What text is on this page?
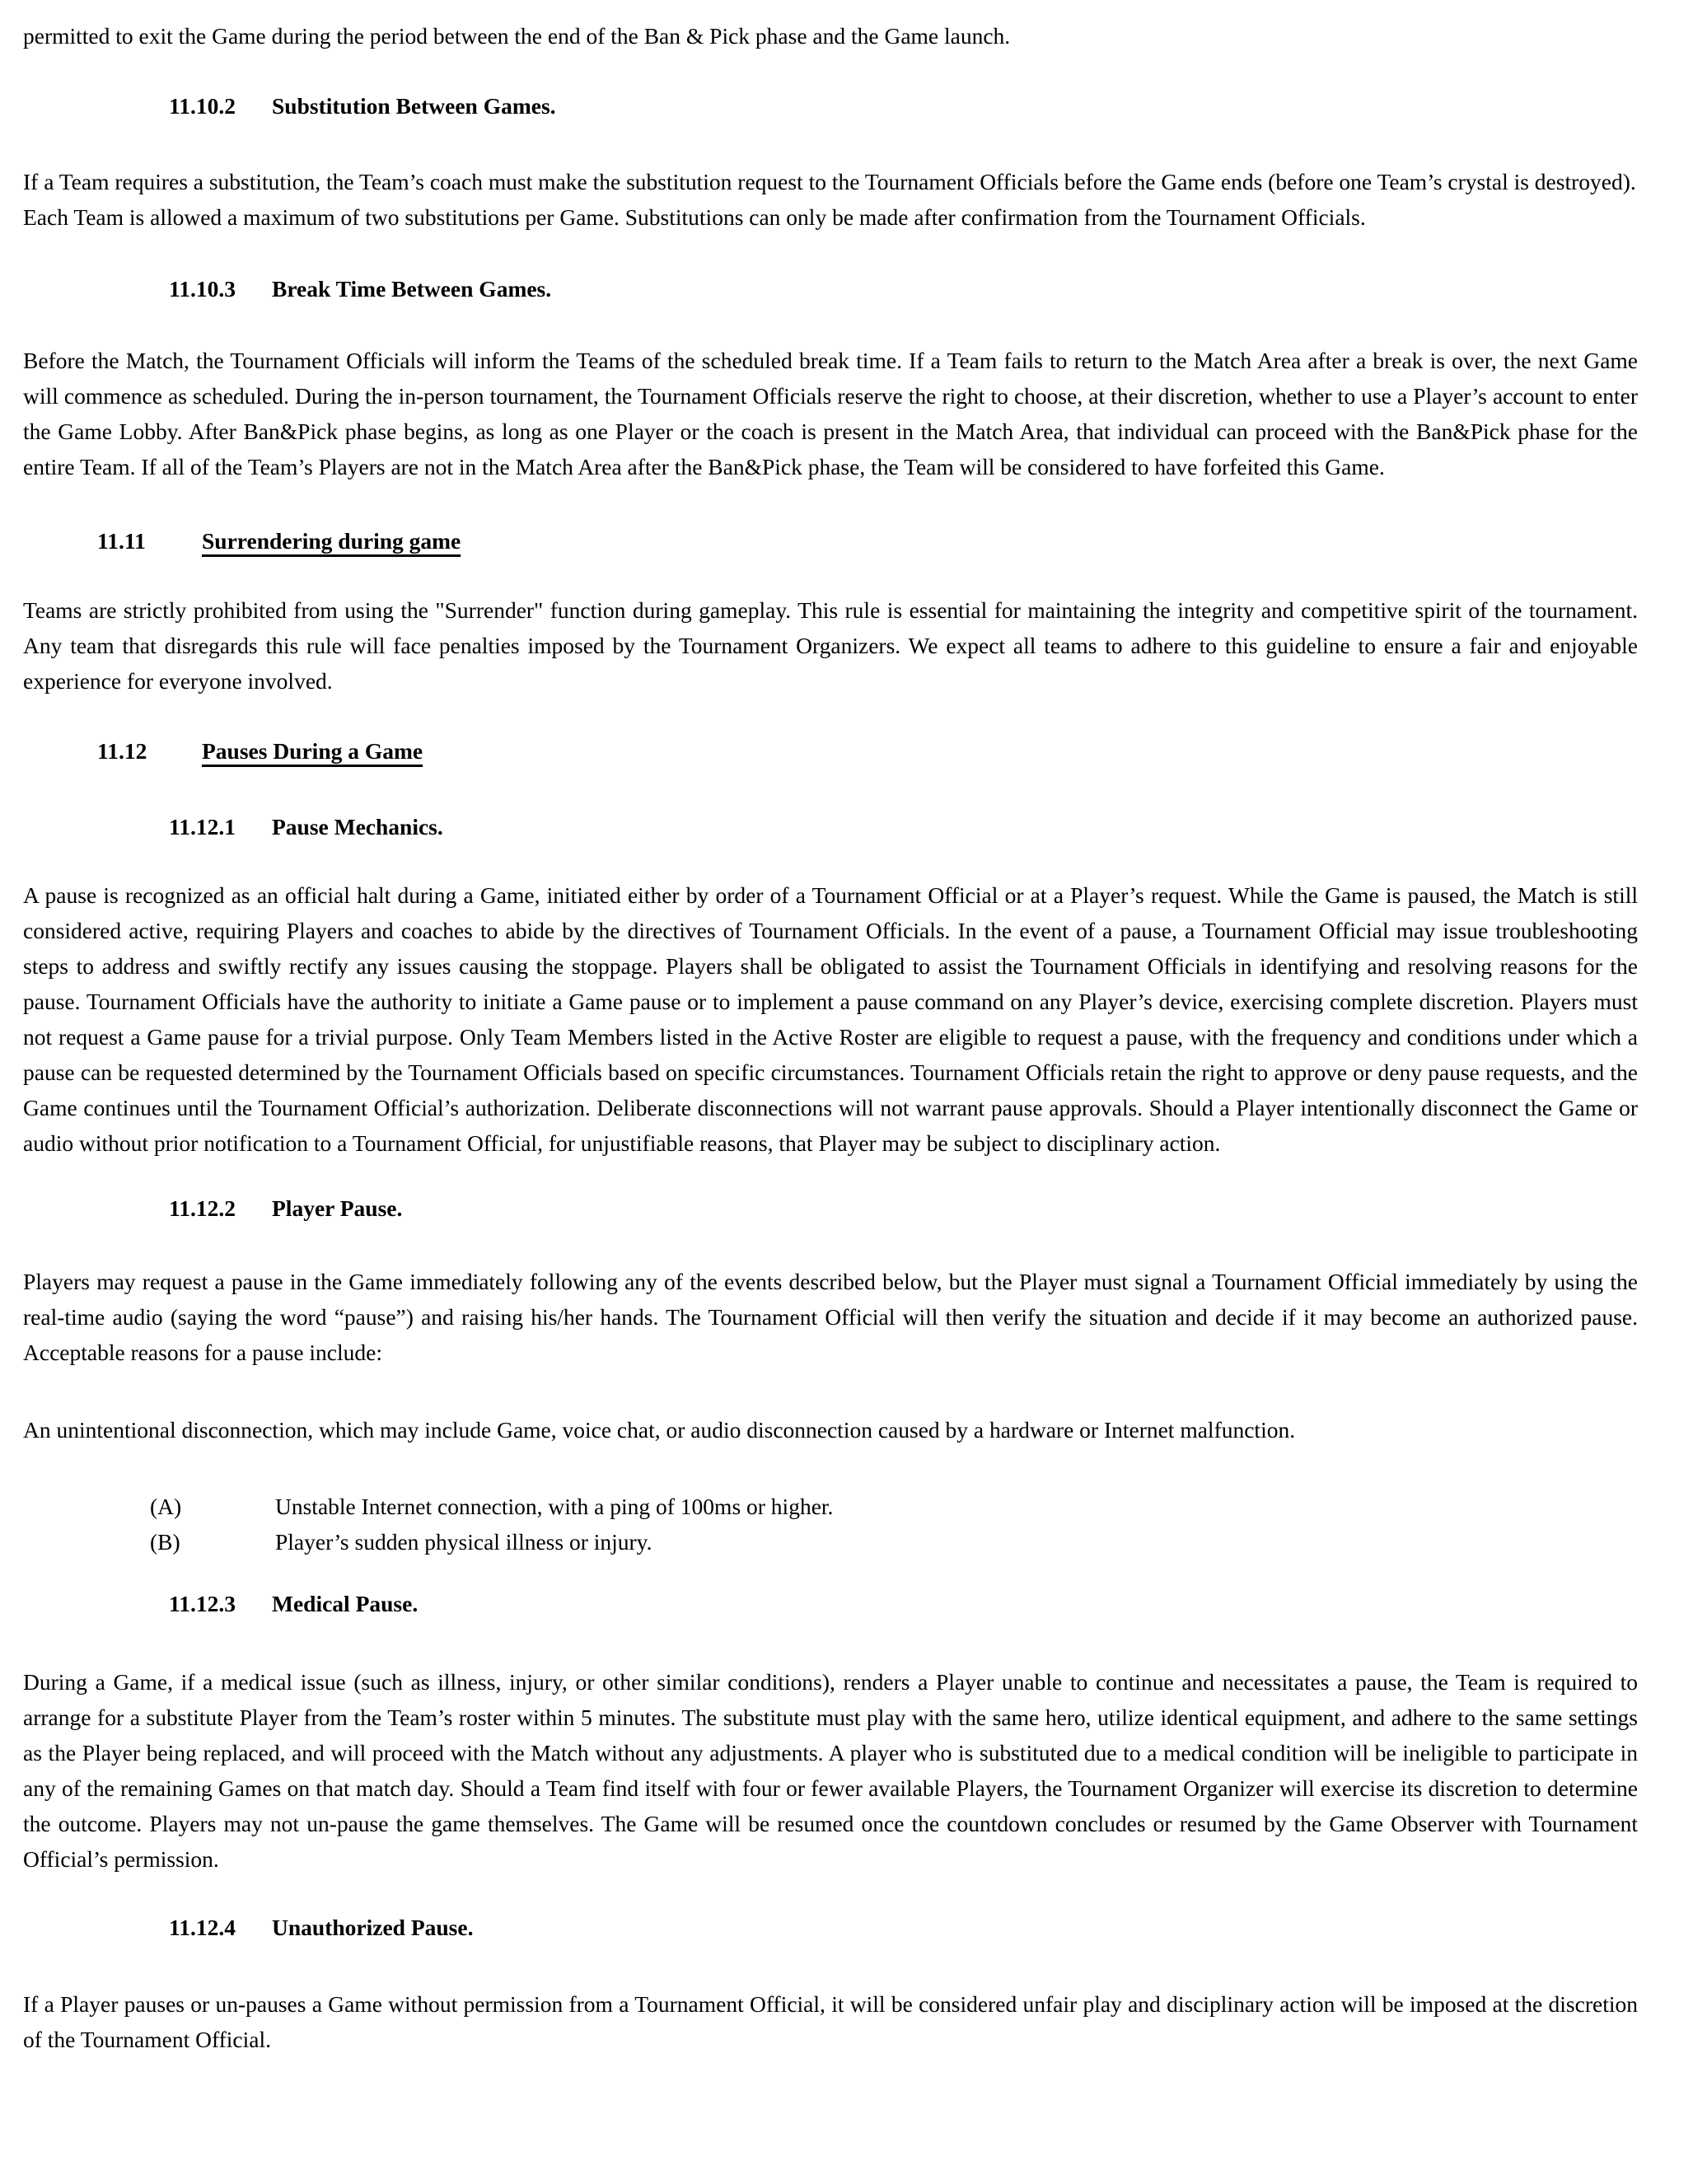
permitted to exit the Game during the period between the end of the Ban & Pick phase and the Game launch.

11.10.2 Substitution Between Games.

If a Team requires a substitution, the Team’s coach must make the substitution request to the Tournament Officials before the Game ends (before one Team’s crystal is destroyed). Each Team is allowed a maximum of two substitutions per Game. Substitutions can only be made after confirmation from the Tournament Officials.

11.10.3 Break Time Between Games.

Before the Match, the Tournament Officials will inform the Teams of the scheduled break time. If a Team fails to return to the Match Area after a break is over, the next Game will commence as scheduled. During the in-person tournament, the Tournament Officials reserve the right to choose, at their discretion, whether to use a Player’s account to enter the Game Lobby. After Ban&Pick phase begins, as long as one Player or the coach is present in the Match Area, that individual can proceed with the Ban&Pick phase for the entire Team. If all of the Team’s Players are not in the Match Area after the Ban&Pick phase, the Team will be considered to have forfeited this Game.

11.11 Surrendering during game

Teams are strictly prohibited from using the "Surrender" function during gameplay. This rule is essential for maintaining the integrity and competitive spirit of the tournament. Any team that disregards this rule will face penalties imposed by the Tournament Organizers. We expect all teams to adhere to this guideline to ensure a fair and enjoyable experience for everyone involved.

11.12 Pauses During a Game
11.12.1 Pause Mechanics.

A pause is recognized as an official halt during a Game, initiated either by order of a Tournament Official or at a Player’s request. While the Game is paused, the Match is still considered active, requiring Players and coaches to abide by the directives of Tournament Officials. In the event of a pause, a Tournament Official may issue troubleshooting steps to address and swiftly rectify any issues causing the stoppage. Players shall be obligated to assist the Tournament Officials in identifying and resolving reasons for the pause. Tournament Officials have the authority to initiate a Game pause or to implement a pause command on any Player’s device, exercising complete discretion. Players must not request a Game pause for a trivial purpose. Only Team Members listed in the Active Roster are eligible to request a pause, with the frequency and conditions under which a pause can be requested determined by the Tournament Officials based on specific circumstances. Tournament Officials retain the right to approve or deny pause requests, and the Game continues until the Tournament Official’s authorization. Deliberate disconnections will not warrant pause approvals. Should a Player intentionally disconnect the Game or audio without prior notification to a Tournament Official, for unjustifiable reasons, that Player may be subject to disciplinary action.

11.12.2 Player Pause.

Players may request a pause in the Game immediately following any of the events described below, but the Player must signal a Tournament Official immediately by using the real-time audio (saying the word “pause”) and raising his/her hands. The Tournament Official will then verify the situation and decide if it may become an authorized pause. Acceptable reasons for a pause include:

An unintentional disconnection, which may include Game, voice chat, or audio disconnection caused by a hardware or Internet malfunction.

(A)	Unstable Internet connection, with a ping of 100ms or higher.
(B)	Player’s sudden physical illness or injury.
11.12.3 Medical Pause.

During a Game, if a medical issue (such as illness, injury, or other similar conditions), renders a Player unable to continue and necessitates a pause, the Team is required to arrange for a substitute Player from the Team’s roster within 5 minutes. The substitute must play with the same hero, utilize identical equipment, and adhere to the same settings as the Player being replaced, and will proceed with the Match without any adjustments. A player who is substituted due to a medical condition will be ineligible to participate in any of the remaining Games on that match day. Should a Team find itself with four or fewer available Players, the Tournament Organizer will exercise its discretion to determine the outcome. Players may not un-pause the game themselves. The Game will be resumed once the countdown concludes or resumed by the Game Observer with Tournament Official’s permission.

11.12.4 Unauthorized Pause.

If a Player pauses or un-pauses a Game without permission from a Tournament Official, it will be considered unfair play and disciplinary action will be imposed at the discretion of the Tournament Official.
